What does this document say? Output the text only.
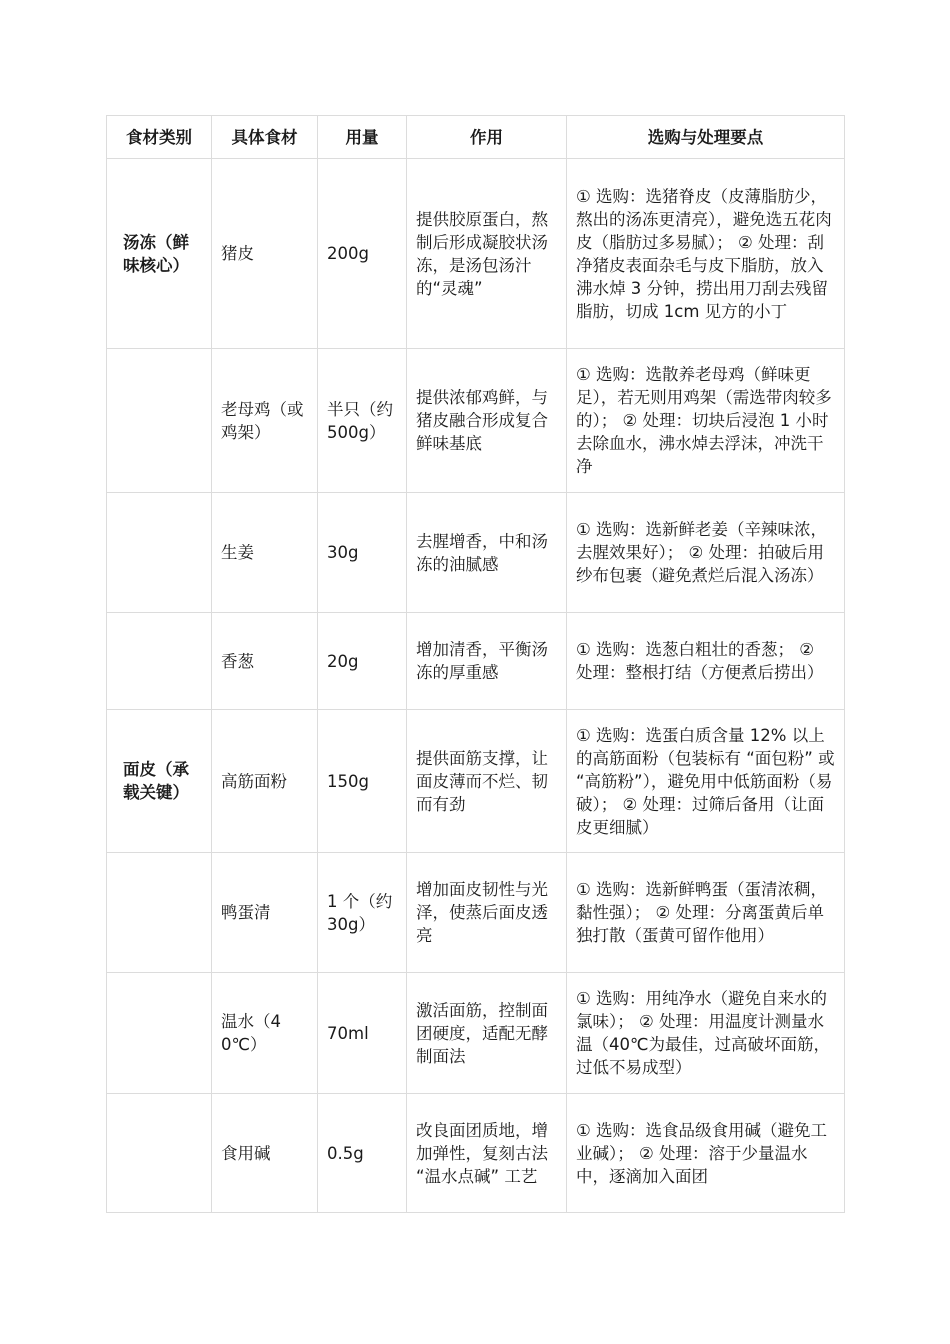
食材类别	具体食材	用量	作用	选购与处理要点
汤冻（鲜味核心）	猪皮	200g	提供胶原蛋白，熬制后形成凝胶状汤冻，是汤包汤汁的“灵魂”	① 选购：选猪脊皮（皮薄脂肪少，熬出的汤冻更清亮），避免选五花肉皮（脂肪过多易腻）； ② 处理：刮净猪皮表面杂毛与皮下脂肪，放入沸水焯 3 分钟，捞出用刀刮去残留脂肪，切成 1cm 见方的小丁
	老母鸡（或鸡架）	半只（约 500g）	提供浓郁鸡鲜，与猪皮融合形成复合鲜味基底	① 选购：选散养老母鸡（鲜味更足），若无则用鸡架（需选带肉较多的）； ② 处理：切块后浸泡 1 小时去除血水，沸水焯去浮沫，冲洗干净
	生姜	30g	去腥增香，中和汤冻的油腻感	① 选购：选新鲜老姜（辛辣味浓，去腥效果好）； ② 处理：拍破后用纱布包裹（避免煮烂后混入汤冻）
	香葱	20g	增加清香，平衡汤冻的厚重感	① 选购：选葱白粗壮的香葱； ② 处理：整根打结（方便煮后捞出）
面皮（承载关键）	高筋面粉	150g	提供面筋支撑，让面皮薄而不烂、韧而有劲	① 选购：选蛋白质含量 12% 以上的高筋面粉（包装标有 “面包粉” 或 “高筋粉”），避免用中低筋面粉（易破）； ② 处理：过筛后备用（让面皮更细腻）
	鸭蛋清	1 个（约 30g）	增加面皮韧性与光泽，使蒸后面皮透亮	① 选购：选新鲜鸭蛋（蛋清浓稠，黏性强）； ② 处理：分离蛋黄后单独打散（蛋黄可留作他用）
	温水（40℃）	70ml	激活面筋，控制面团硬度，适配无酵制面法	① 选购：用纯净水（避免自来水的氯味）； ② 处理：用温度计测量水温（40℃为最佳，过高破坏面筋，过低不易成型）
	食用碱	0.5g	改良面团质地，增加弹性，复刻古法 “温水点碱” 工艺	① 选购：选食品级食用碱（避免工业碱）； ② 处理：溶于少量温水中，逐滴加入面团
